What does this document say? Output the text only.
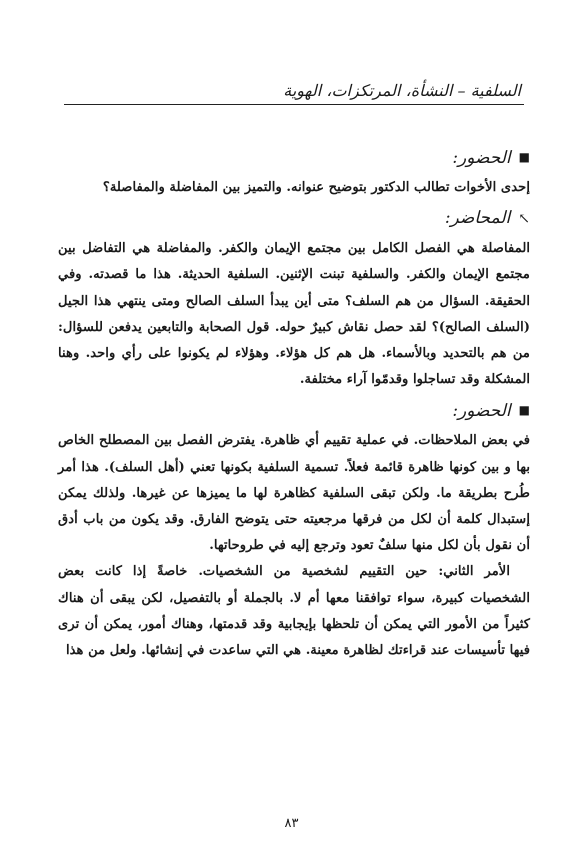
السلفية – النشأة، المرتكزات، الهوية
■الحضور:

إحدى الأخوات تطالب الدكتور بتوضيح عنوانه. والتميز بين المفاضلة والمفاصلة؟

↖المحاضر:

المفاصلة هي الفصل الكامل بين مجتمع الإيمان والكفر. والمفاضلة هي التفاضل بين مجتمع الإيمان والكفر. والسلفية تبنت الإثنين. السلفية الحديثة. هذا ما قصدته. وفي الحقيقة. السؤال من هم السلف؟ متى أين يبدأ السلف الصالح ومتى ينتهي هذا الجيل (السلف الصالح)؟ لقد حصل نقاش كبيرٌ حوله. قول الصحابة والتابعين يدفعن للسؤال: من هم بالتحديد وبالأسماء. هل هم كل هؤلاء. وهؤلاء لم يكونوا على رأي واحد. وهنا المشكلة وقد تساجلوا وقدمّوا آراء مختلفة.

■الحضور:

في بعض الملاحظات. في عملية تقييم أي ظاهرة. يفترض الفصل بين المصطلح الخاص بها و بين كونها ظاهرة قائمة فعلاً. تسمية السلفية بكونها تعني (أهل السلف). هذا أمر طُرح بطريقة ما. ولكن تبقى السلفية كظاهرة لها ما يميزها عن غيرها. ولذلك يمكن إستبدال كلمة أن لكل من فرقها مرجعيته حتى يتوضح الفارق. وقد يكون من باب أدق أن نقول بأن لكل منها سلفٌ تعود وترجع إليه في طروحاتها.

الأمر الثاني: حين التقييم لشخصية من الشخصيات. خاصةً إذا كانت بعض الشخصيات كبيرة، سواء توافقنا معها أم لا. بالجملة أو بالتفصيل، لكن يبقى أن هناك كثيراً من الأمور التي يمكن أن تلحظها بإيجابية وقد قدمتها، وهناك أمور، يمكن أن ترى فيها تأسيسات عند قراءتك لظاهرة معينة. هي التي ساعدت في إنشائها. ولعل من هذا

٨٣
